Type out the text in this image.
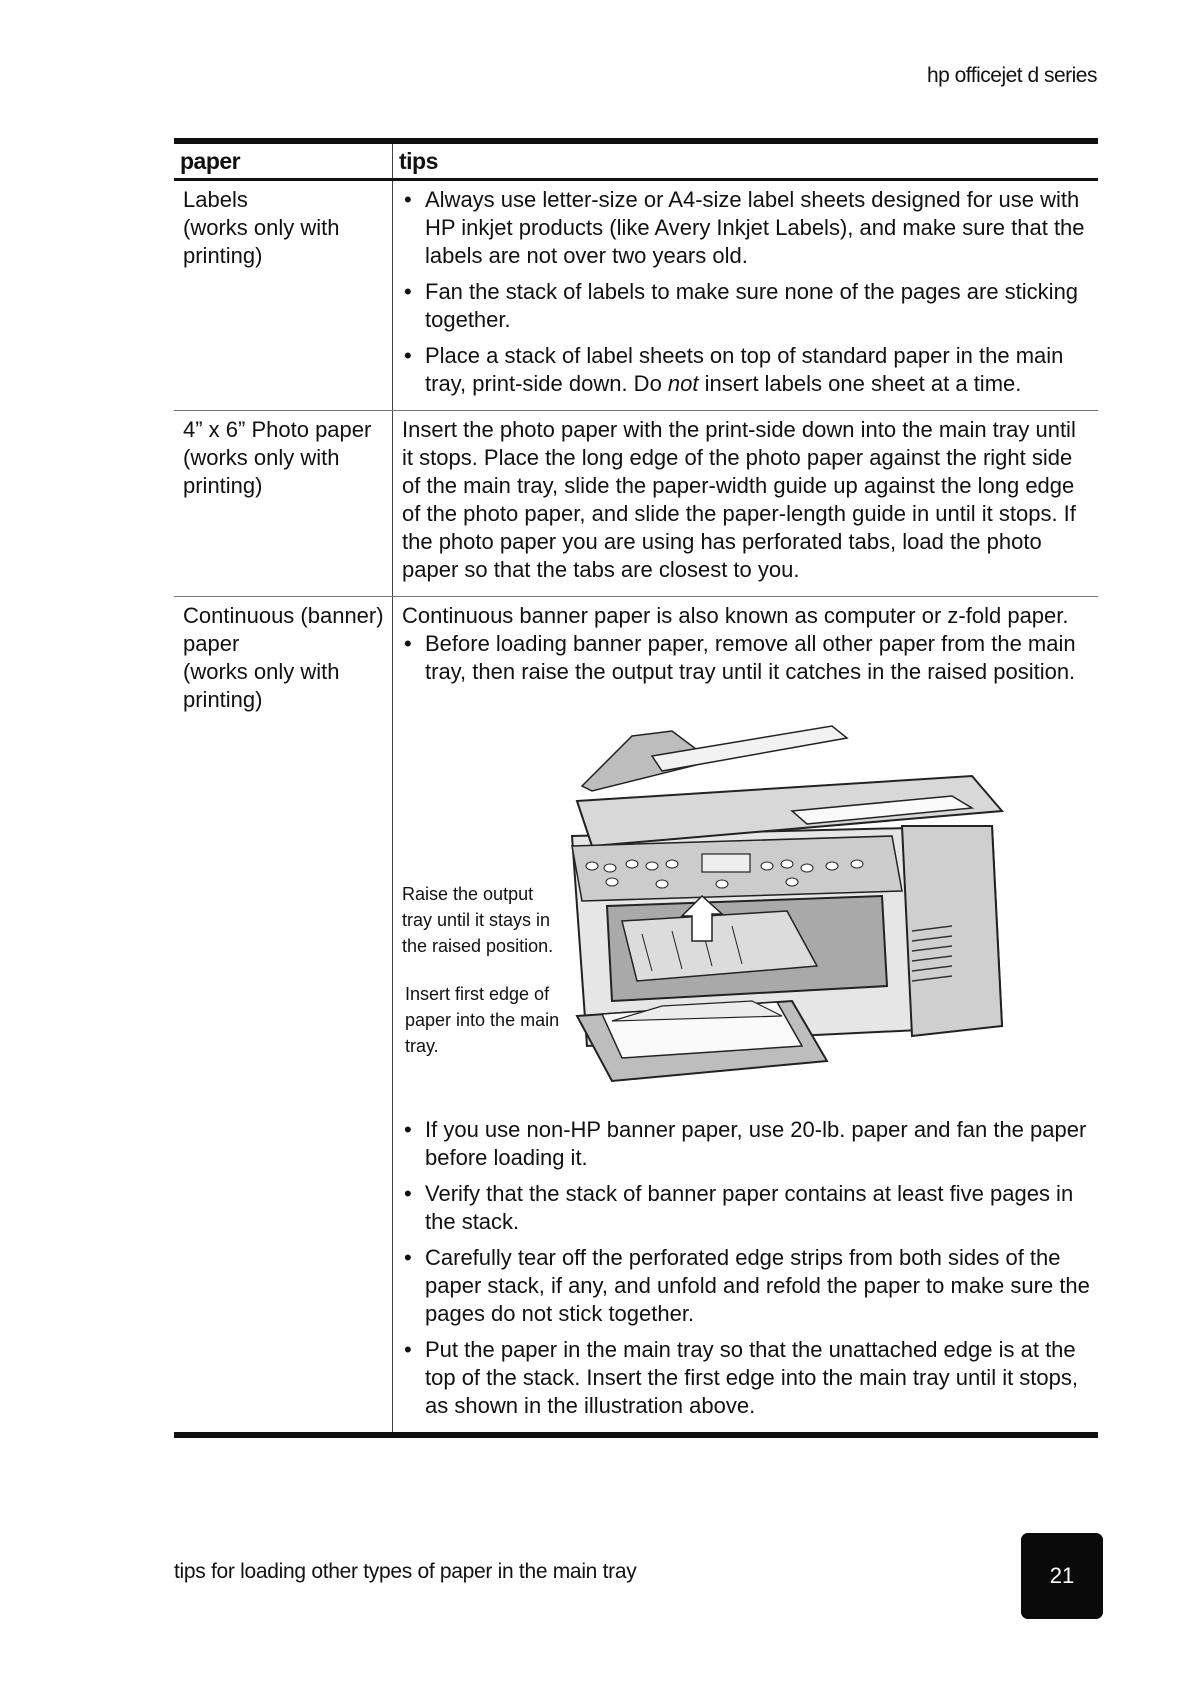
hp officejet d series
paper	tips
Labels
(works only with
printing)
• Always use letter-size or A4-size label sheets designed for use with HP inkjet products (like Avery Inkjet Labels), and make sure that the labels are not over two years old.
• Fan the stack of labels to make sure none of the pages are sticking together.
• Place a stack of label sheets on top of standard paper in the main tray, print-side down. Do not insert labels one sheet at a time.
4” x 6” Photo paper
(works only with
printing)
Insert the photo paper with the print-side down into the main tray until it stops. Place the long edge of the photo paper against the right side of the main tray, slide the paper-width guide up against the long edge of the photo paper, and slide the paper-length guide in until it stops. If the photo paper you are using has perforated tabs, load the photo paper so that the tabs are closest to you.
Continuous (banner)
paper
(works only with
printing)
Continuous banner paper is also known as computer or z-fold paper.
• Before loading banner paper, remove all other paper from the main tray, then raise the output tray until it catches in the raised position.
Raise the output tray until it stays in the raised position.
Insert first edge of paper into the main tray.
• If you use non-HP banner paper, use 20-lb. paper and fan the paper before loading it.
• Verify that the stack of banner paper contains at least five pages in the stack.
• Carefully tear off the perforated edge strips from both sides of the paper stack, if any, and unfold and refold the paper to make sure the pages do not stick together.
• Put the paper in the main tray so that the unattached edge is at the top of the stack. Insert the first edge into the main tray until it stops, as shown in the illustration above.
tips for loading other types of paper in the main tray	21
